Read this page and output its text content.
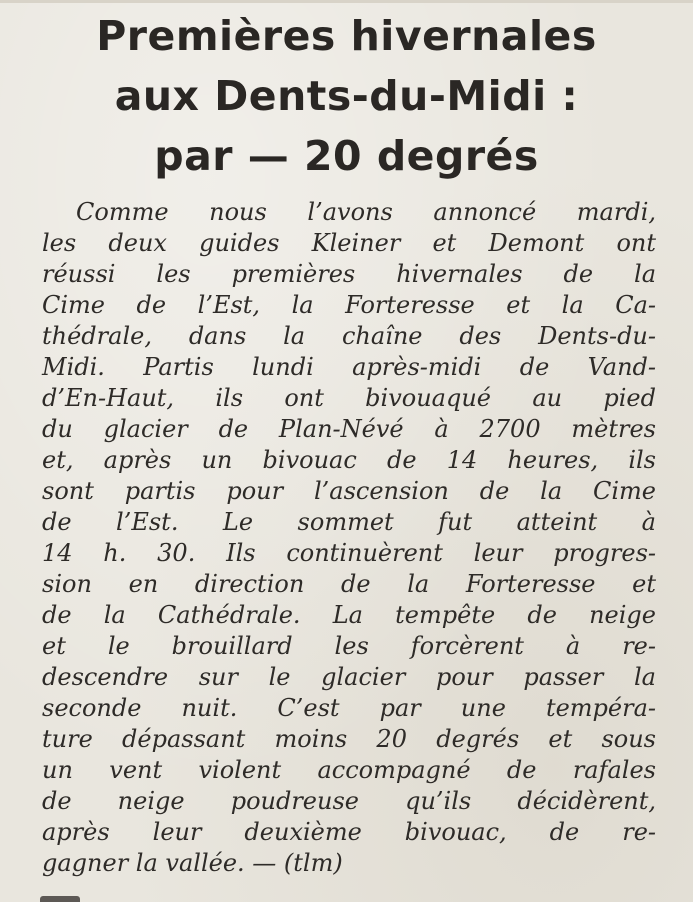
Premières hivernales
aux Dents-du-Midi :
par — 20 degrés
Comme nous l’avons annoncé mardi,
les deux guides Kleiner et Demont ont
réussi les premières hivernales de la
Cime de l’Est, la Forteresse et la Ca-
thédrale, dans la chaîne des Dents-du-
Midi. Partis lundi après-midi de Vand-
d’En-Haut, ils ont bivouaqué au pied
du glacier de Plan-Névé à 2700 mètres
et, après un bivouac de 14 heures, ils
sont partis pour l’ascension de la Cime
de l’Est. Le sommet fut atteint à
14 h. 30. Ils continuèrent leur progres-
sion en direction de la Forteresse et
de la Cathédrale. La tempête de neige
et le brouillard les forcèrent à re-
descendre sur le glacier pour passer la
seconde nuit. C’est par une tempéra-
ture dépassant moins 20 degrés et sous
un vent violent accompagné de rafales
de neige poudreuse qu’ils décidèrent,
après leur deuxième bivouac, de re-
gagner la vallée. — (tlm)
